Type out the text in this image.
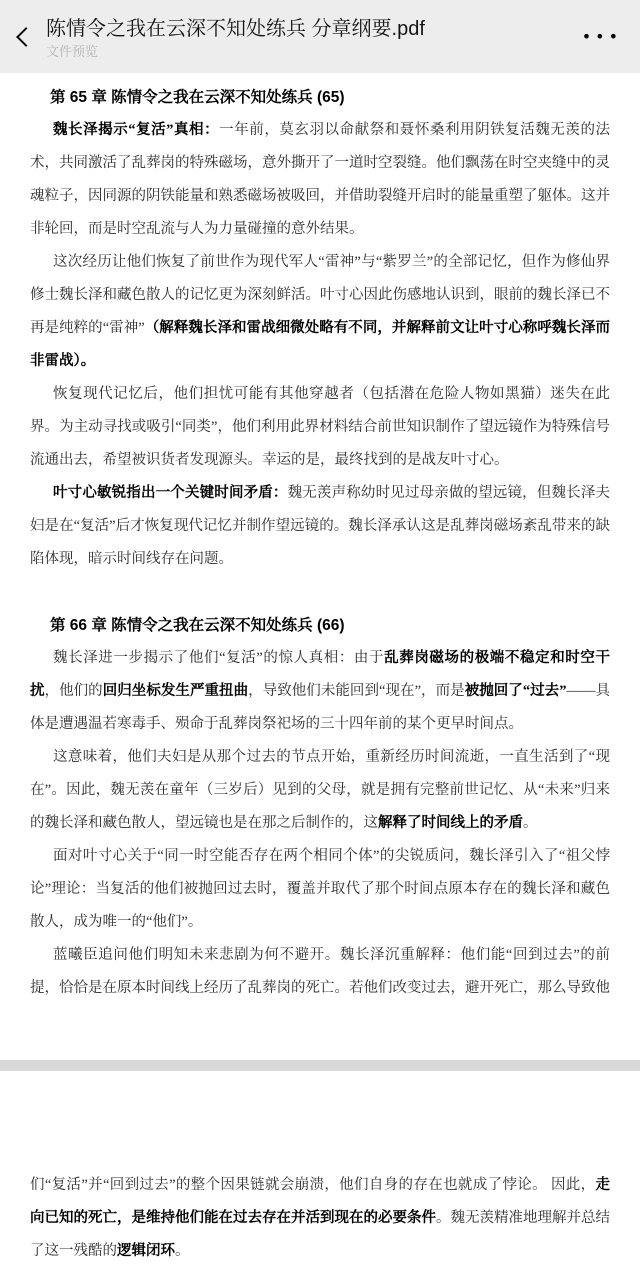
陈情令之我在云深不知处练兵 分章纲要.pdf
文件预览
•••
第 65 章 陈情令之我在云深不知处练兵 (65)
魏长泽揭示“复活”真相：一年前，莫玄羽以命献祭和聂怀桑利用阴铁复活魏无羡的法术，共同激活了乱葬岗的特殊磁场，意外撕开了一道时空裂缝。他们飘荡在时空夹缝中的灵魂粒子，因同源的阴铁能量和熟悉磁场被吸回，并借助裂缝开启时的能量重塑了躯体。这并非轮回，而是时空乱流与人为力量碰撞的意外结果。
这次经历让他们恢复了前世作为现代军人“雷神”与“紫罗兰”的全部记忆，但作为修仙界修士魏长泽和藏色散人的记忆更为深刻鲜活。叶寸心因此伤感地认识到，眼前的魏长泽已不再是纯粹的“雷神”（解释魏长泽和雷战细微处略有不同，并解释前文让叶寸心称呼魏长泽而非雷战）。
恢复现代记忆后，他们担忧可能有其他穿越者（包括潜在危险人物如黑猫）迷失在此界。为主动寻找或吸引“同类”，他们利用此界材料结合前世知识制作了望远镜作为特殊信号流通出去，希望被识货者发现源头。幸运的是，最终找到的是战友叶寸心。
叶寸心敏锐指出一个关键时间矛盾：魏无羡声称幼时见过母亲做的望远镜，但魏长泽夫妇是在“复活”后才恢复现代记忆并制作望远镜的。魏长泽承认这是乱葬岗磁场紊乱带来的缺陷体现，暗示时间线存在问题。
第 66 章 陈情令之我在云深不知处练兵 (66)
魏长泽进一步揭示了他们“复活”的惊人真相：由于乱葬岗磁场的极端不稳定和时空干扰，他们的回归坐标发生严重扭曲，导致他们未能回到“现在”，而是被抛回了“过去”——具体是遭遇温若寒毒手、殒命于乱葬岗祭祀场的三十四年前的某个更早时间点。
这意味着，他们夫妇是从那个过去的节点开始，重新经历时间流逝，一直生活到了“现在”。因此，魏无羡在童年（三岁后）见到的父母，就是拥有完整前世记忆、从“未来”归来的魏长泽和藏色散人，望远镜也是在那之后制作的，这解释了时间线上的矛盾。
面对叶寸心关于“同一时空能否存在两个相同个体”的尖锐质问，魏长泽引入了“祖父悖论”理论：当复活的他们被抛回过去时，覆盖并取代了那个时间点原本存在的魏长泽和藏色散人，成为唯一的“他们”。
蓝曦臣追问他们明知未来悲剧为何不避开。魏长泽沉重解释：他们能“回到过去”的前提，恰恰是在原本时间线上经历了乱葬岗的死亡。若他们改变过去，避开死亡，那么导致他
们“复活”并“回到过去”的整个因果链就会崩溃，他们自身的存在也就成了悖论。 因此，走向已知的死亡，是维持他们能在过去存在并活到现在的必要条件。魏无羡精准地理解并总结了这一残酷的逻辑闭环。
